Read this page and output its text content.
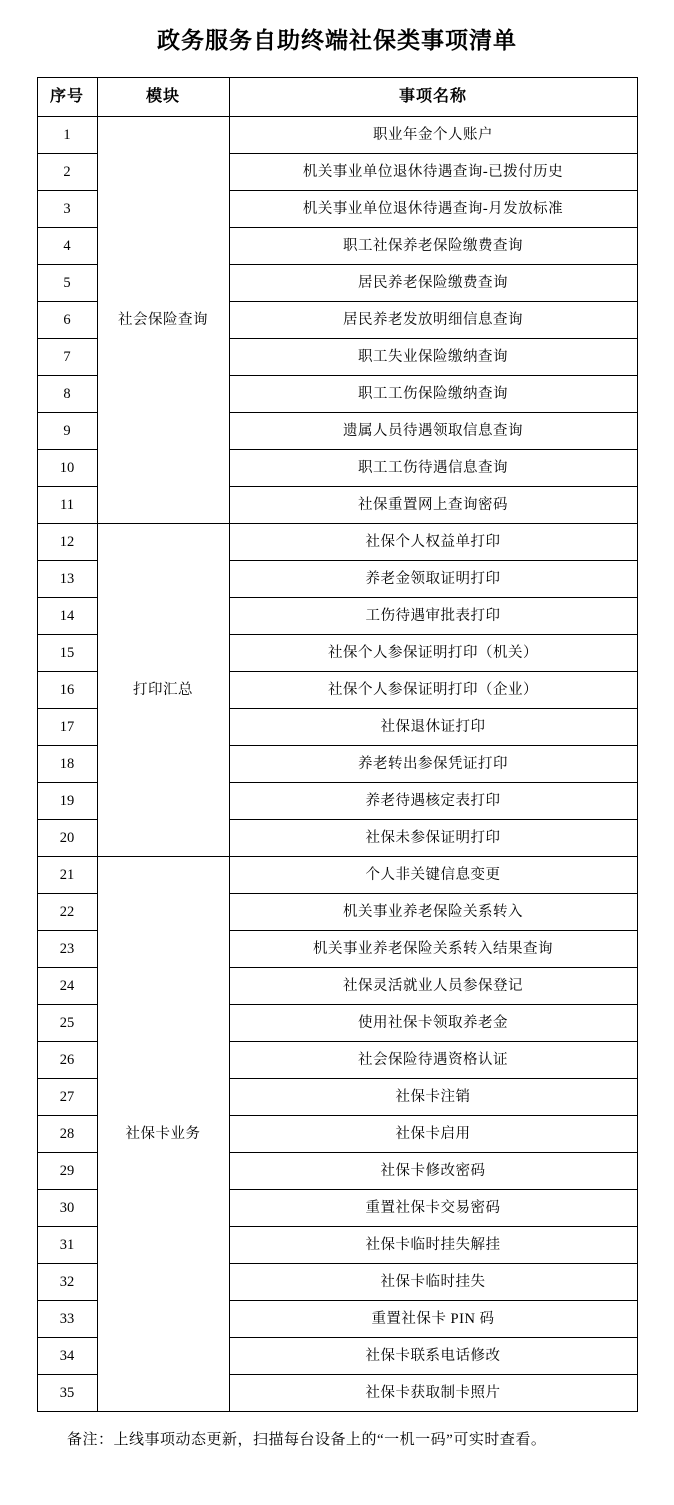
政务服务自助终端社保类事项清单
序号	模块	事项名称
1	社会保险查询	职业年金个人账户
2		机关事业单位退休待遇查询-已拨付历史
3		机关事业单位退休待遇查询-月发放标准
4		职工社保养老保险缴费查询
5		居民养老保险缴费查询
6		居民养老发放明细信息查询
7		职工失业保险缴纳查询
8		职工工伤保险缴纳查询
9		遗属人员待遇领取信息查询
10		职工工伤待遇信息查询
11		社保重置网上查询密码
12	打印汇总	社保个人权益单打印
13		养老金领取证明打印
14		工伤待遇审批表打印
15		社保个人参保证明打印（机关）
16		社保个人参保证明打印（企业）
17		社保退休证打印
18		养老转出参保凭证打印
19		养老待遇核定表打印
20		社保未参保证明打印
21	社保卡业务	个人非关键信息变更
22		机关事业养老保险关系转入
23		机关事业养老保险关系转入结果查询
24		社保灵活就业人员参保登记
25		使用社保卡领取养老金
26		社会保险待遇资格认证
27		社保卡注销
28		社保卡启用
29		社保卡修改密码
30		重置社保卡交易密码
31		社保卡临时挂失解挂
32		社保卡临时挂失
33		重置社保卡 PIN 码
34		社保卡联系电话修改
35		社保卡获取制卡照片
备注：上线事项动态更新，扫描每台设备上的“一机一码”可实时查看。
